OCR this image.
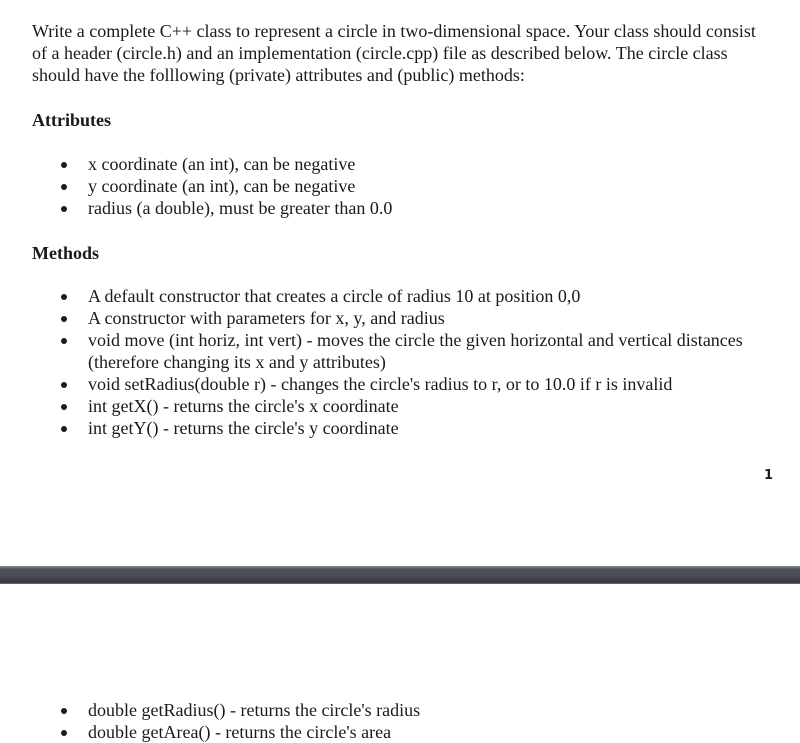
Write a complete C++ class to represent a circle in two-dimensional space. Your class should consist of a header (circle.h) and an implementation (circle.cpp) file as described below. The circle class should have the folllowing (private) attributes and (public) methods:

Attributes

x coordinate (an int), can be negative
y coordinate (an int), can be negative
radius (a double), must be greater than 0.0

Methods

A default constructor that creates a circle of radius 10 at position 0,0
A constructor with parameters for x, y, and radius
void move (int horiz, int vert) - moves the circle the given horizontal and vertical distances (therefore changing its x and y attributes)
void setRadius(double r) - changes the circle's radius to r, or to 10.0 if r is invalid
int getX() - returns the circle's x coordinate
int getY() - returns the circle's y coordinate
1
double getRadius() - returns the circle's radius
double getArea() - returns the circle's area
